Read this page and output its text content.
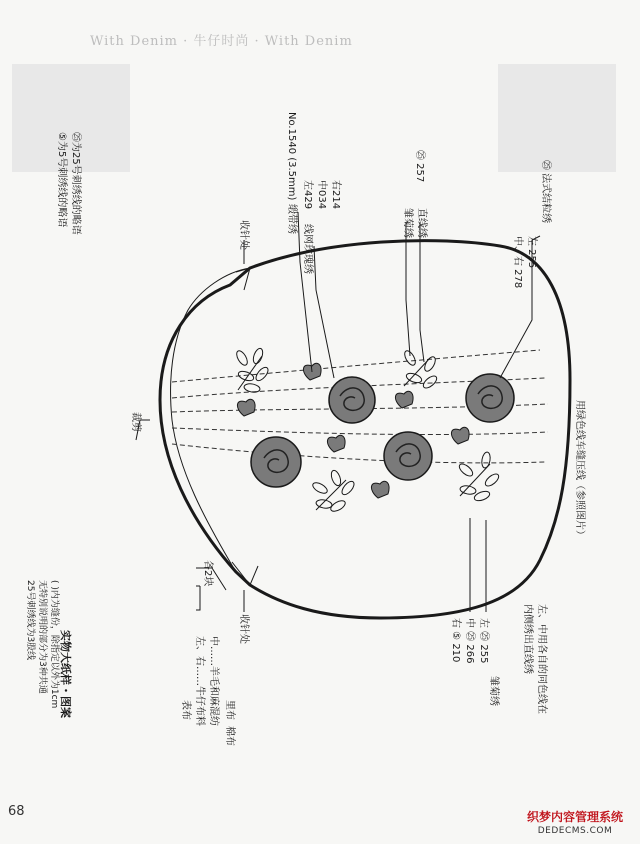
With Denim · 牛仔时尚 · With Denim
⑤为5号刺绣线的略语 ㉕为25号刺绣线的略语
实物大纸样・图案
( )内为缝份，除指定以外为1cm
无特别说明的部分为3种共通
25号刺绣线为3股线
表布 左、右……牛仔布料 中……羊毛和麻混纺
各2块
里布
棉布
收针处
收针处
裁剪
缎带绣
No.1540 (3.5mm)
线网玫瑰绣
左429 中034 右214
雏菊绣 直线绣
㉕ 257	㉕ 法式结粒绣
左 255
中、右 278
用绿色线车缝压线（参照图片）
雏菊绣
左 ㉕ 255
中 ㉕ 266
右 ⑤ 210	左、中用各自的同色线在
内侧绣出直线绣
68	织梦内容管理系统
DEDECMS.COM
